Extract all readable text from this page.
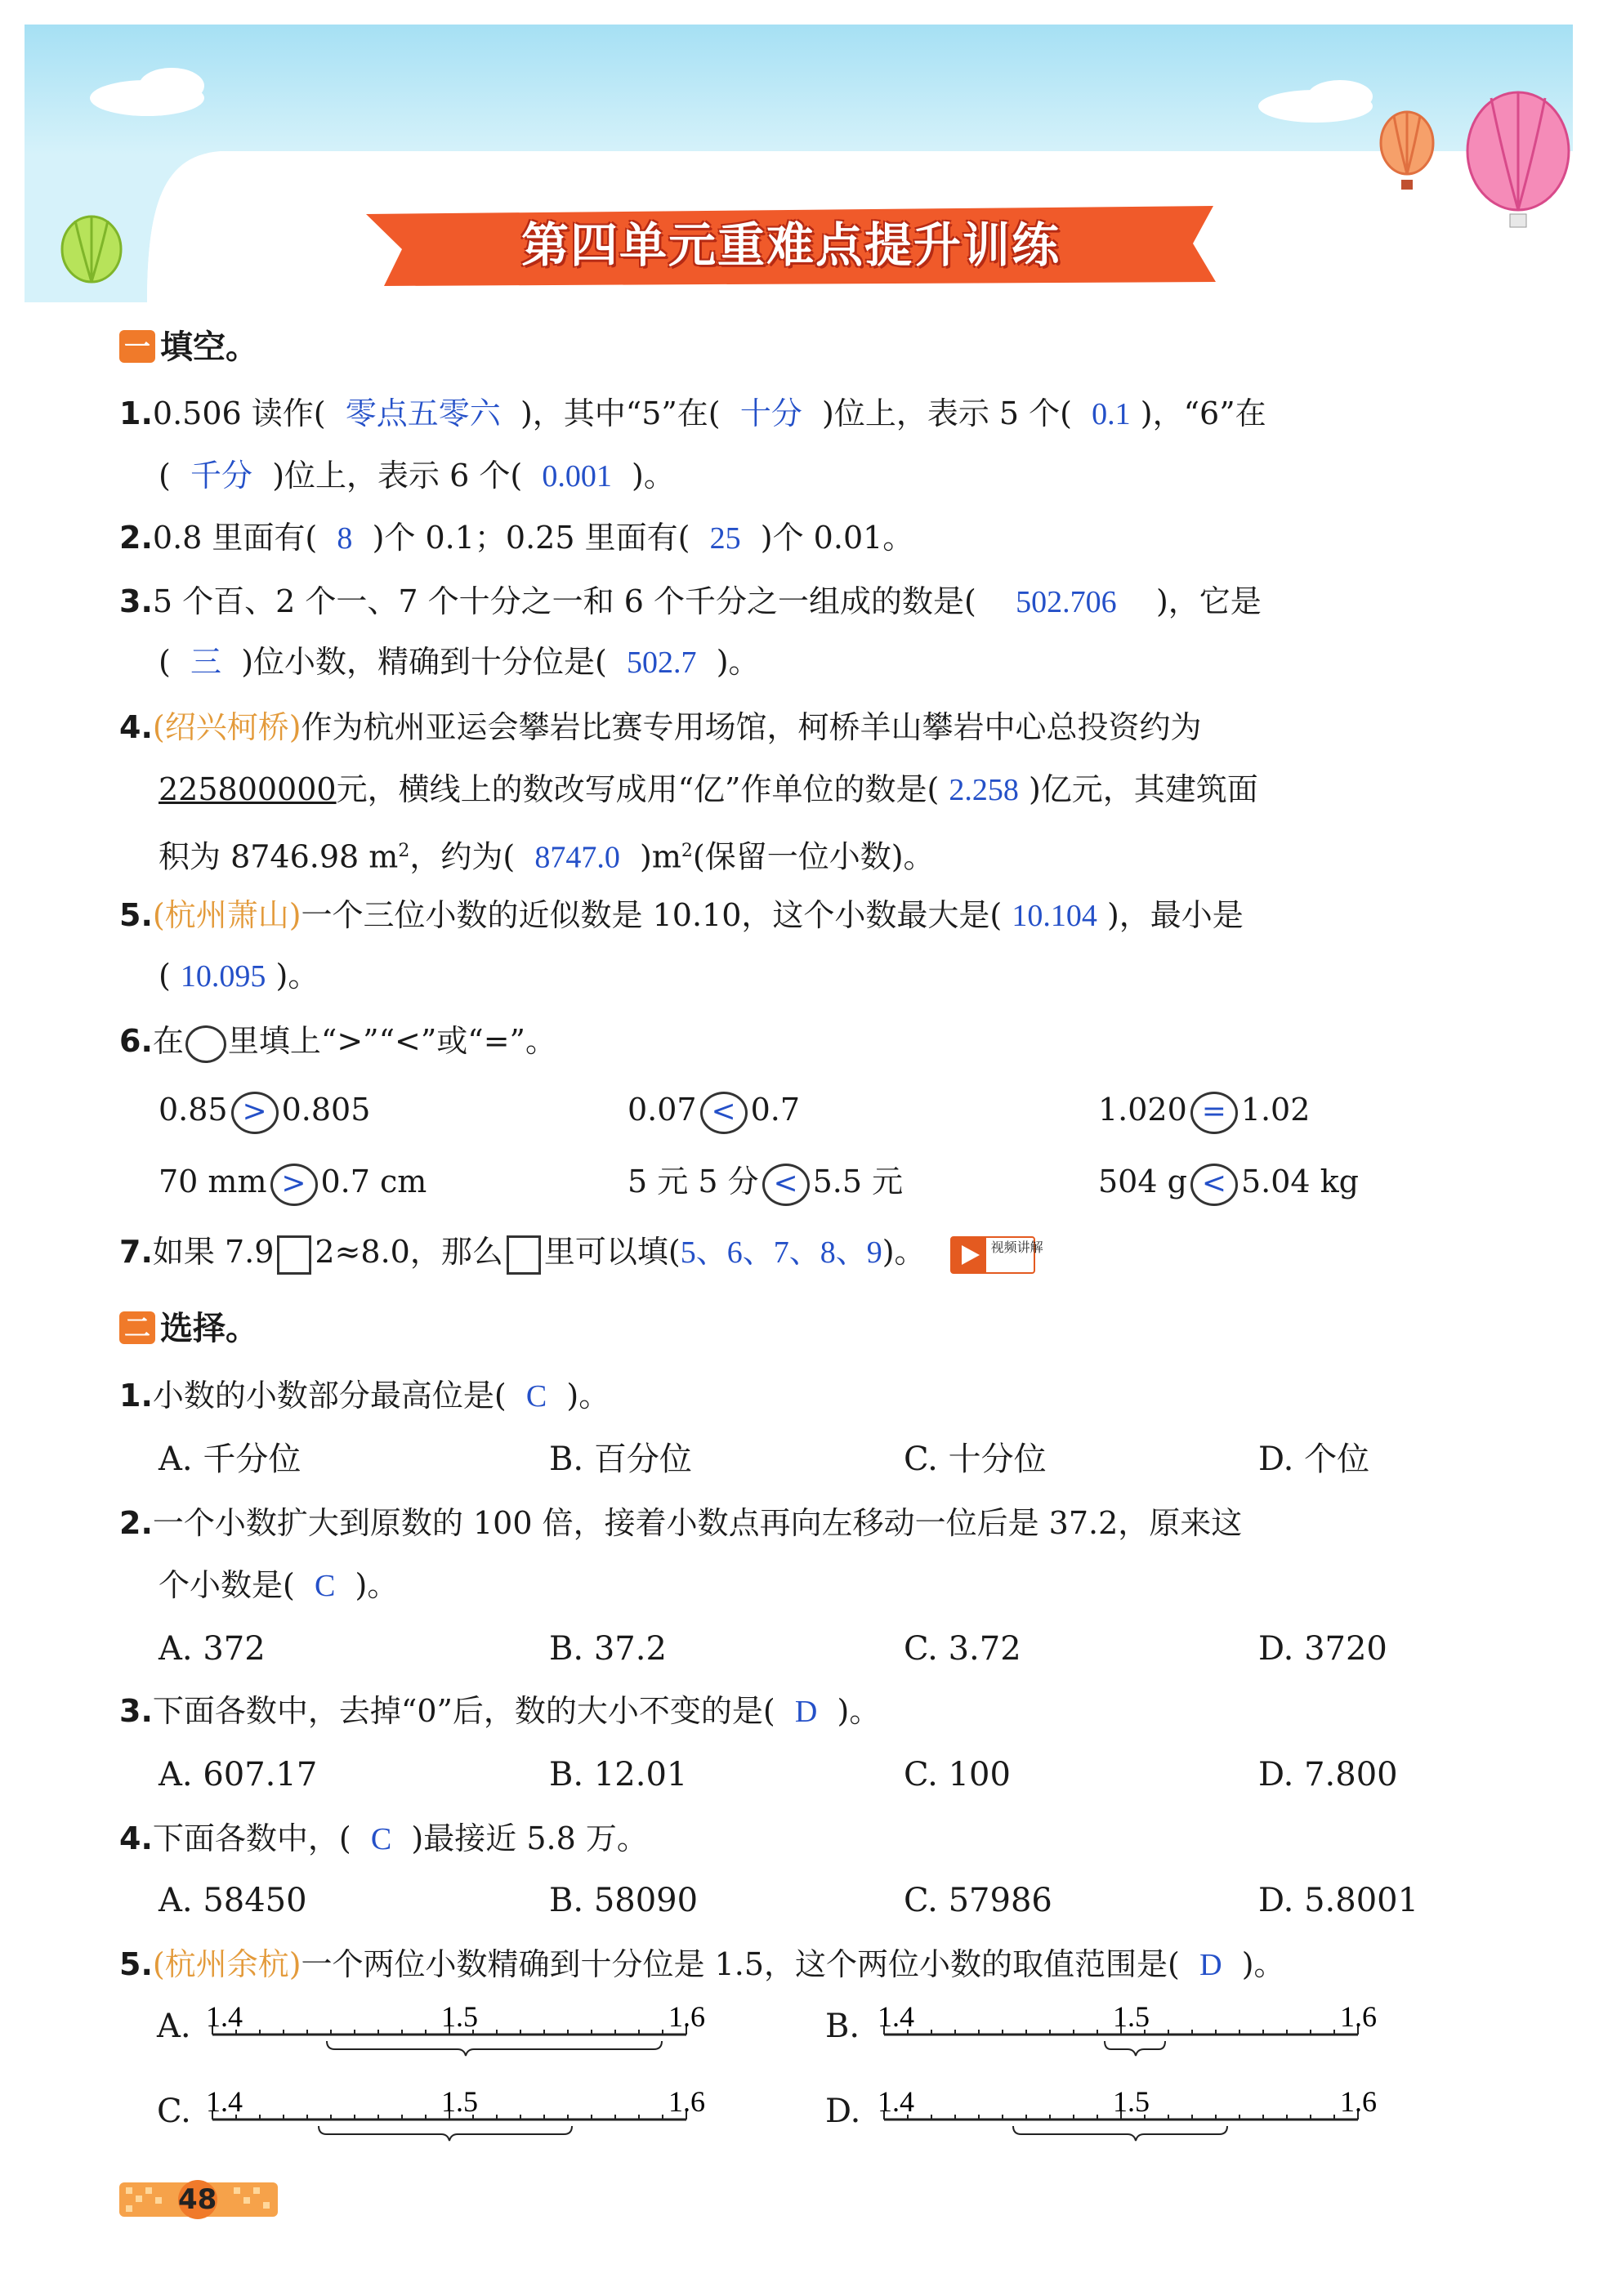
第四单元重难点提升训练
一 填空。
1.0.506 读作( 零点五零六 )，其中“5”在( 十分 )位上，表示 5 个( 0.1 )，“6”在
( 千分 )位上，表示 6 个( 0.001 )。
2.0.8 里面有( 8 )个 0.1；0.25 里面有( 25 )个 0.01。
3.5 个百、2 个一、7 个十分之一和 6 个千分之一组成的数是( 502.706 )，它是
( 三 )位小数，精确到十分位是( 502.7 )。
4.(绍兴柯桥)作为杭州亚运会攀岩比赛专用场馆，柯桥羊山攀岩中心总投资约为
225800000元，横线上的数改写成用“亿”作单位的数是( 2.258 )亿元，其建筑面
积为 8746.98 $m^2$，约为( 8747.0 )$m^2$(保留一位小数)。
5.(杭州萧山)一个三位小数的近似数是 10.10，这个小数最大是( 10.104 )，最小是
( 10.095 )。
6.在 里填上“>”“<”或“=”。
0.85 > 0.805	0.07 < 0.7	1.020 = 1.02
70 mm > 0.7 cm	5 元 5 分 < 5.5 元	504 g < 5.04 kg
7.如果 7.9 2≈8.0，那么 里可以填(5、6、7、8、9)。	视频讲解
二 选择。
1.小数的小数部分最高位是( C )。
A. 千分位	B. 百分位	C. 十分位	D. 个位
2.一个小数扩大到原数的 100 倍，接着小数点再向左移动一位后是 37.2，原来这
个小数是( C )。
A. 372	B. 37.2	C. 3.72	D. 3720
3.下面各数中，去掉“0”后，数的大小不变的是( D )。
A. 607.17	B. 12.01	C. 100	D. 7.800
4.下面各数中，( C )最接近 5.8 万。
A. 58450	B. 58090	C. 57986	D. 5.8001
5.(杭州余杭)一个两位小数精确到十分位是 1.5，这个两位小数的取值范围是( D )。
A.	B.
C.	D.
1.4	1.5	1.6	1.4	1.5	1.6
1.4	1.5	1.6	1.4	1.5	1.6
48
